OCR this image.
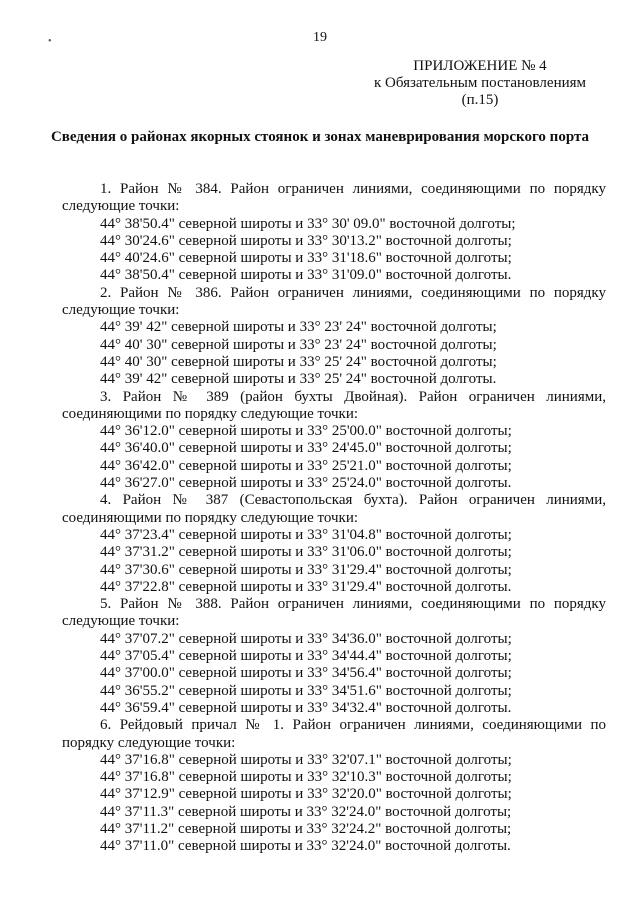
19
•
ПРИЛОЖЕНИЕ № 4
к Обязательным постановлениям
(п.15)
Сведения о районах якорных стоянок и зонах маневрирования морского порта
1. Район № 384. Район ограничен линиями, соединяющими по порядку
следующие точки:
44° 38'50.4" северной широты и 33° 30' 09.0" восточной долготы;
44° 30'24.6" северной широты и 33° 30'13.2" восточной долготы;
44° 40'24.6" северной широты и 33° 31'18.6" восточной долготы;
44° 38'50.4" северной широты и 33° 31'09.0" восточной долготы.
2. Район № 386. Район ограничен линиями, соединяющими по порядку
следующие точки:
44° 39' 42" северной широты и 33° 23' 24" восточной долготы;
44° 40' 30" северной широты и 33° 23' 24" восточной долготы;
44° 40' 30" северной широты и 33° 25' 24" восточной долготы;
44° 39' 42" северной широты и 33° 25' 24" восточной долготы.
3. Район № 389 (район бухты Двойная). Район ограничен линиями,
соединяющими по порядку следующие точки:
44° 36'12.0" северной широты и 33° 25'00.0" восточной долготы;
44° 36'40.0" северной широты и 33° 24'45.0" восточной долготы;
44° 36'42.0" северной широты и 33° 25'21.0" восточной долготы;
44° 36'27.0" северной широты и 33° 25'24.0" восточной долготы.
4. Район № 387 (Севастопольская бухта). Район ограничен линиями,
соединяющими по порядку следующие точки:
44° 37'23.4" северной широты и 33° 31'04.8" восточной долготы;
44° 37'31.2" северной широты и 33° 31'06.0" восточной долготы;
44° 37'30.6" северной широты и 33° 31'29.4" восточной долготы;
44° 37'22.8" северной широты и 33° 31'29.4" восточной долготы.
5. Район № 388. Район ограничен линиями, соединяющими по порядку
следующие точки:
44° 37'07.2" северной широты и 33° 34'36.0" восточной долготы;
44° 37'05.4" северной широты и 33° 34'44.4" восточной долготы;
44° 37'00.0" северной широты и 33° 34'56.4" восточной долготы;
44° 36'55.2" северной широты и 33° 34'51.6" восточной долготы;
44° 36'59.4" северной широты и 33° 34'32.4" восточной долготы.
6. Рейдовый причал № 1. Район ограничен линиями, соединяющими по
порядку следующие точки:
44° 37'16.8" северной широты и 33° 32'07.1" восточной долготы;
44° 37'16.8" северной широты и 33° 32'10.3" восточной долготы;
44° 37'12.9" северной широты и 33° 32'20.0" восточной долготы;
44° 37'11.3" северной широты и 33° 32'24.0" восточной долготы;
44° 37'11.2" северной широты и 33° 32'24.2" восточной долготы;
44° 37'11.0" северной широты и 33° 32'24.0" восточной долготы.
